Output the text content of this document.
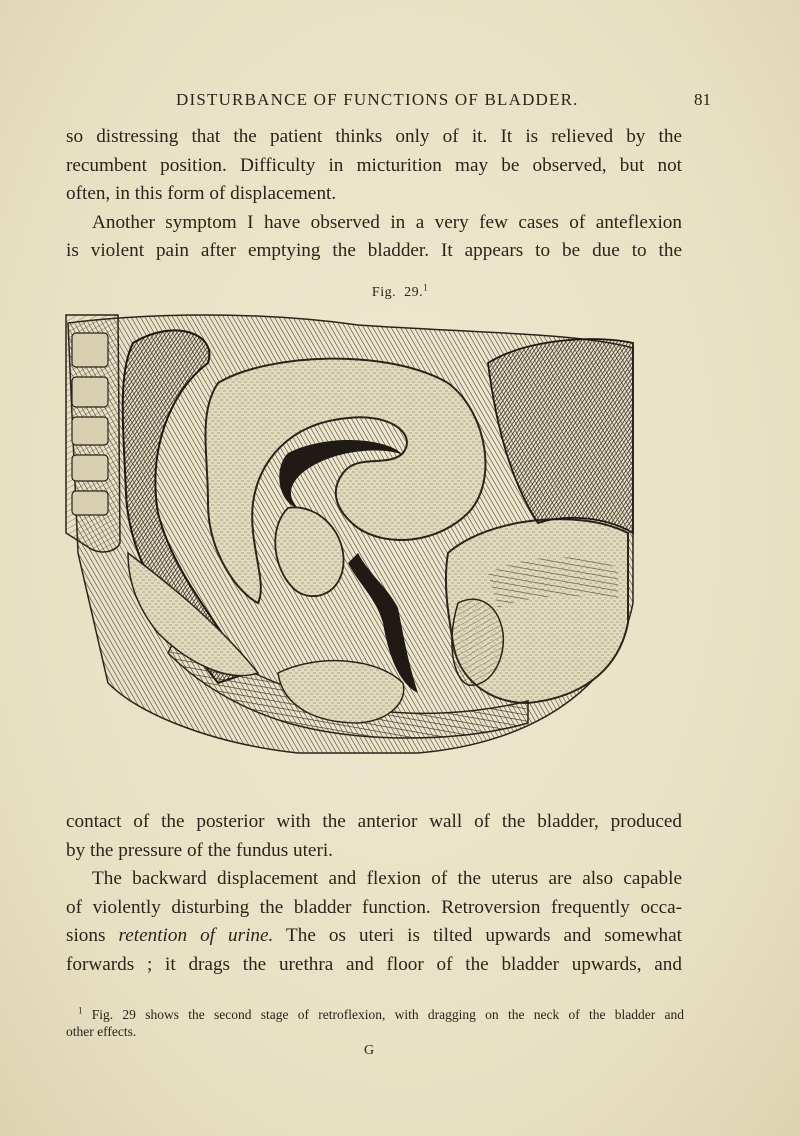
DISTURBANCE OF FUNCTIONS OF BLADDER.	81

so distressing that the patient thinks only of it. It is relieved by the
recumbent position. Difficulty in micturition may be observed, but not
often, in this form of displacement.
Another symptom I have observed in a very few cases of anteflexion
is violent pain after emptying the bladder. It appears to be due to the

Fig. 29.$^1$

contact of the posterior with the anterior wall of the bladder, produced
by the pressure of the fundus uteri.
The backward displacement and flexion of the uterus are also capable
of violently disturbing the bladder function. Retroversion frequently occa-
sions retention of urine. The os uteri is tilted upwards and somewhat
forwards ; it drags the urethra and floor of the bladder upwards, and

$^1$ Fig. 29 shows the second stage of retroflexion, with dragging on the neck of the bladder and
other effects.
G
